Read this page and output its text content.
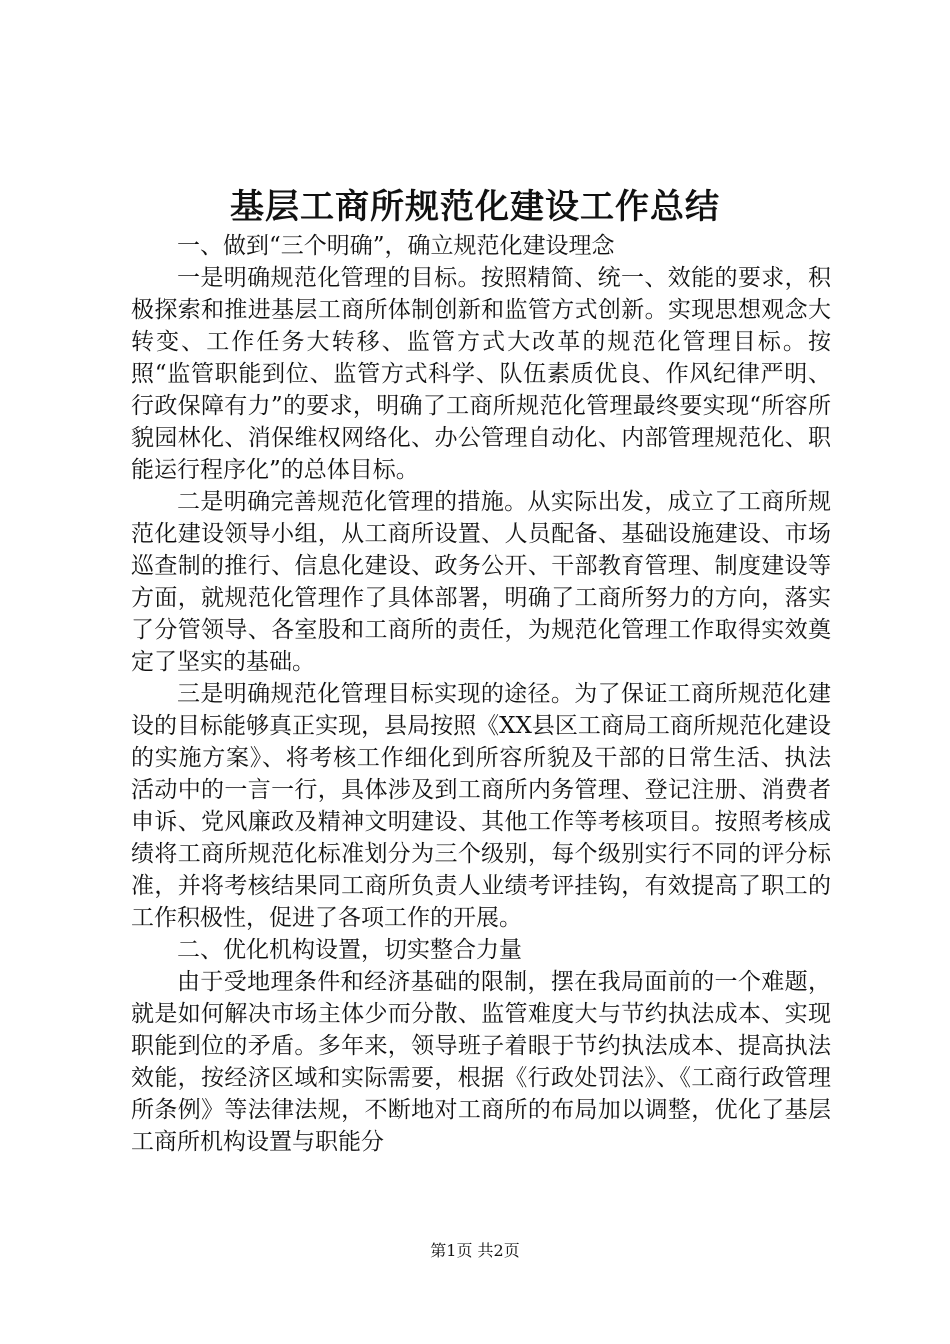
基层工商所规范化建设工作总结

一、做到“三个明确”，确立规范化建设理念

一是明确规范化管理的目标。按照精简、统一、效能的要求，积极探索和推进基层工商所体制创新和监管方式创新。实现思想观念大转变、工作任务大转移、监管方式大改革的规范化管理目标。按照“监管职能到位、监管方式科学、队伍素质优良、作风纪律严明、行政保障有力”的要求，明确了工商所规范化管理最终要实现“所容所貌园林化、消保维权网络化、办公管理自动化、内部管理规范化、职能运行程序化”的总体目标。

二是明确完善规范化管理的措施。从实际出发，成立了工商所规范化建设领导小组，从工商所设置、人员配备、基础设施建设、市场巡查制的推行、信息化建设、政务公开、干部教育管理、制度建设等方面，就规范化管理作了具体部署，明确了工商所努力的方向，落实了分管领导、各室股和工商所的责任，为规范化管理工作取得实效奠定了坚实的基础。

三是明确规范化管理目标实现的途径。为了保证工商所规范化建设的目标能够真正实现，县局按照《XX县区工商局工商所规范化建设的实施方案》、将考核工作细化到所容所貌及干部的日常生活、执法活动中的一言一行，具体涉及到工商所内务管理、登记注册、消费者申诉、党风廉政及精神文明建设、其他工作等考核项目。按照考核成绩将工商所规范化标准划分为三个级别，每个级别实行不同的评分标准，并将考核结果同工商所负责人业绩考评挂钩，有效提高了职工的工作积极性，促进了各项工作的开展。

二、优化机构设置，切实整合力量

由于受地理条件和经济基础的限制，摆在我局面前的一个难题，就是如何解决市场主体少而分散、监管难度大与节约执法成本、实现职能到位的矛盾。多年来，领导班子着眼于节约执法成本、提高执法效能，按经济区域和实际需要，根据《行政处罚法》、《工商行政管理所条例》等法律法规，不断地对工商所的布局加以调整，优化了基层工商所机构设置与职能分

第1页 共2页
